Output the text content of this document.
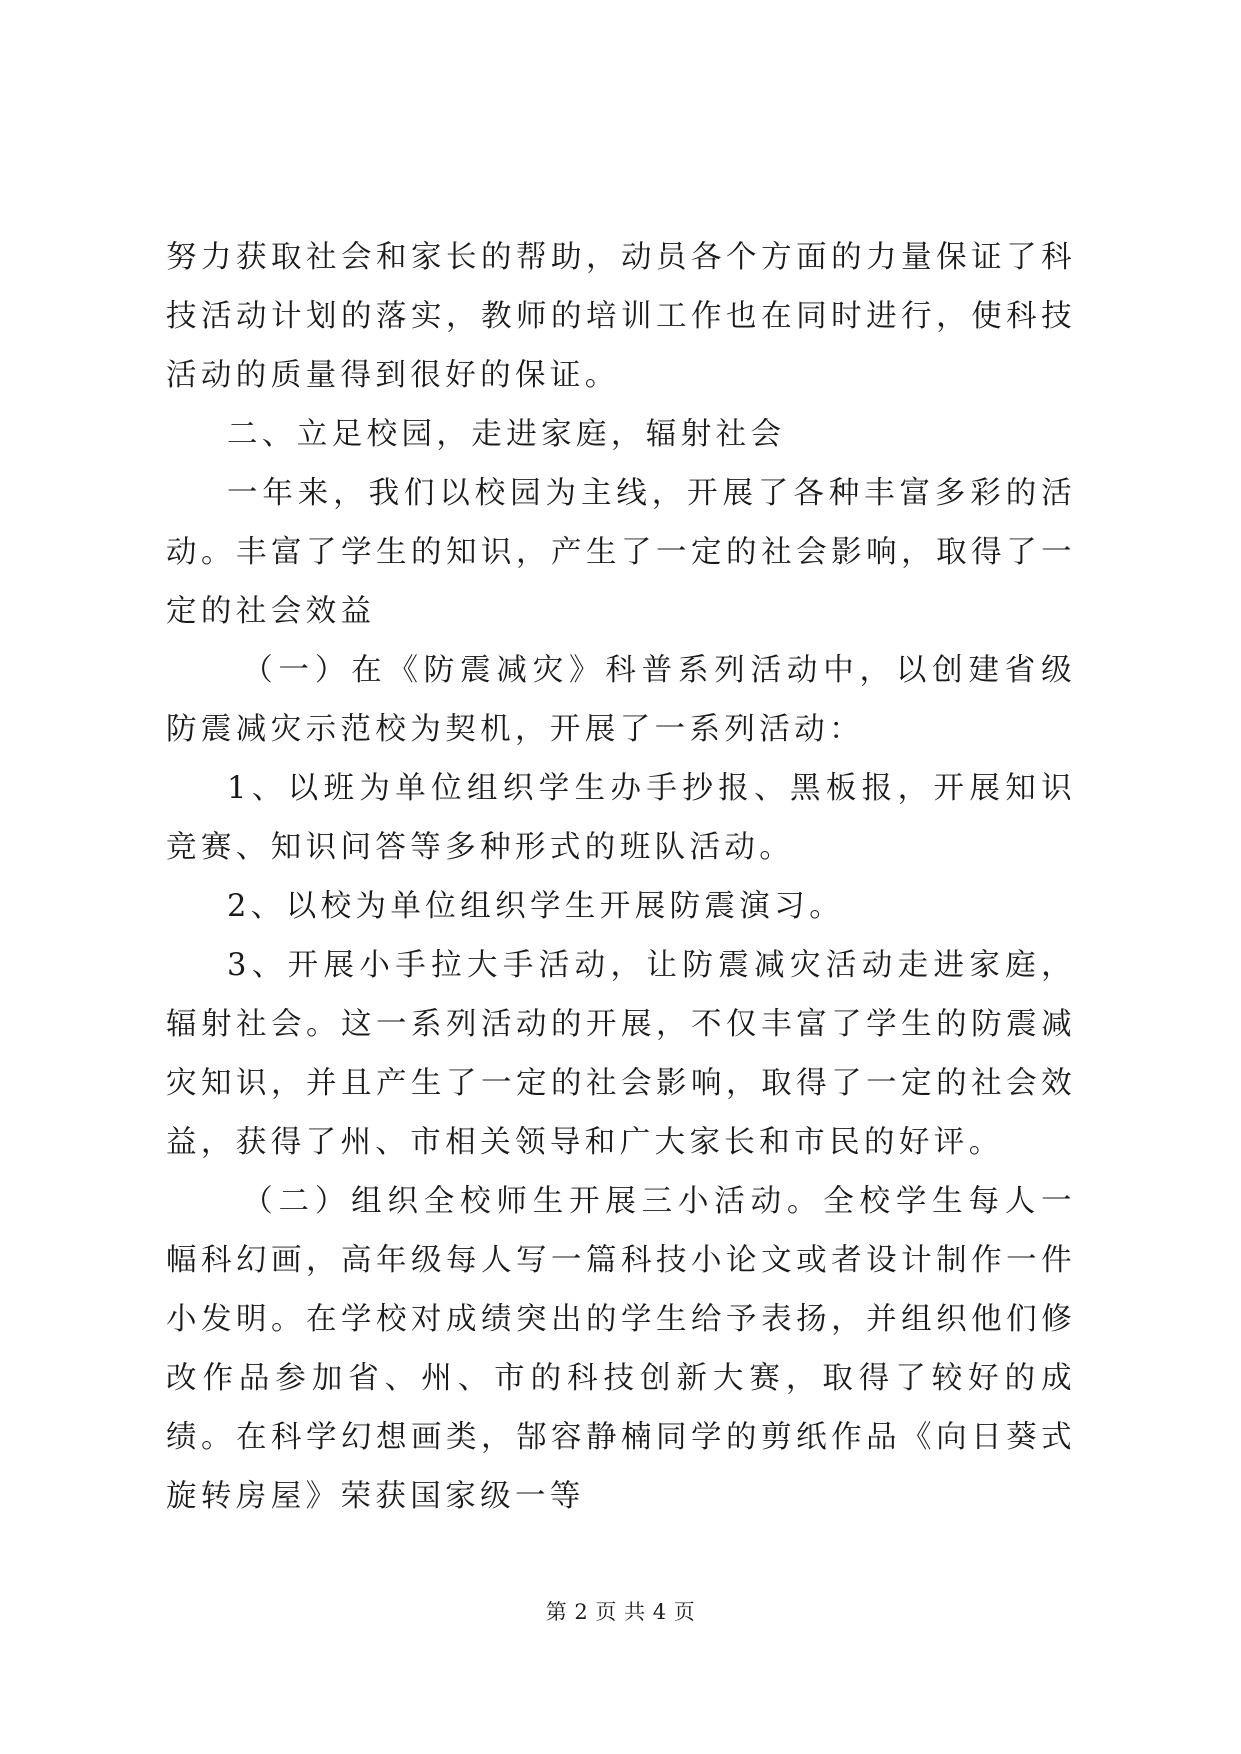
努力获取社会和家长的帮助，动员各个方面的力量保证了科技活动计划的落实，教师的培训工作也在同时进行，使科技活动的质量得到很好的保证。

二、立足校园，走进家庭，辐射社会

一年来，我们以校园为主线，开展了各种丰富多彩的活动。丰富了学生的知识，产生了一定的社会影响，取得了一定的社会效益

（一）在《防震减灾》科普系列活动中，以创建省级防震减灾示范校为契机，开展了一系列活动：

1、以班为单位组织学生办手抄报、黑板报，开展知识竞赛、知识问答等多种形式的班队活动。

2、以校为单位组织学生开展防震演习。

3、开展小手拉大手活动，让防震减灾活动走进家庭，辐射社会。这一系列活动的开展，不仅丰富了学生的防震减灾知识，并且产生了一定的社会影响，取得了一定的社会效益，获得了州、市相关领导和广大家长和市民的好评。

（二）组织全校师生开展三小活动。全校学生每人一幅科幻画，高年级每人写一篇科技小论文或者设计制作一件小发明。在学校对成绩突出的学生给予表扬，并组织他们修改作品参加省、州、市的科技创新大赛，取得了较好的成绩。在科学幻想画类，郜容静楠同学的剪纸作品《向日葵式旋转房屋》荣获国家级一等

第 2 页 共 4 页
